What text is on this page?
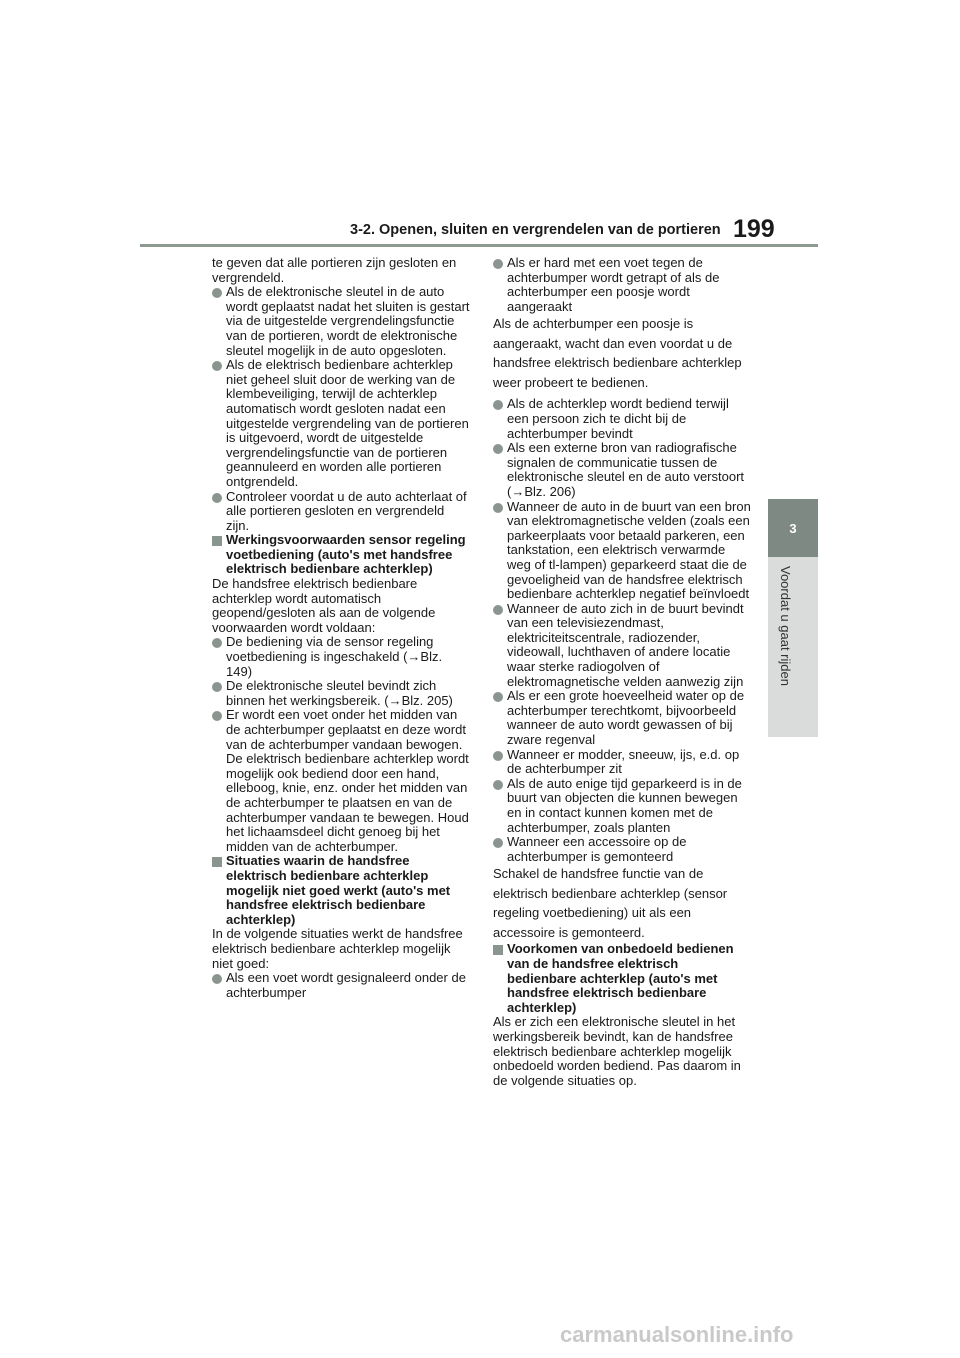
3-2. Openen, sluiten en vergrendelen van de portieren 199
3
Voordat u gaat rijden

te geven dat alle portieren zijn gesloten en vergrendeld.

Als de elektronische sleutel in de auto wordt geplaatst nadat het sluiten is gestart via de uitgestelde vergrendelingsfunctie van de portieren, wordt de elektronische sleutel mogelijk in de auto opgesloten.

Als de elektrisch bedienbare achterklep niet geheel sluit door de werking van de klembeveiliging, terwijl de achterklep automatisch wordt gesloten nadat een uitgestelde vergrendeling van de portieren is uitgevoerd, wordt de uitgestelde vergrendelingsfunctie van de portieren geannuleerd en worden alle portieren ontgrendeld.

Controleer voordat u de auto achterlaat of alle portieren gesloten en vergrendeld zijn.

Werkingsvoorwaarden sensor regeling voetbediening (auto's met handsfree elektrisch bedienbare achterklep)

De handsfree elektrisch bedienbare achterklep wordt automatisch geopend/gesloten als aan de volgende voorwaarden wordt voldaan:

De bediening via de sensor regeling voetbediening is ingeschakeld (→Blz. 149)

De elektronische sleutel bevindt zich binnen het werkingsbereik. (→Blz. 205)

Er wordt een voet onder het midden van de achterbumper geplaatst en deze wordt van de achterbumper vandaan bewogen.
De elektrisch bedienbare achterklep wordt mogelijk ook bediend door een hand, elleboog, knie, enz. onder het midden van de achterbumper te plaatsen en van de achterbumper vandaan te bewegen. Houd het lichaamsdeel dicht genoeg bij het midden van de achterbumper.

Situaties waarin de handsfree elektrisch bedienbare achterklep mogelijk niet goed werkt (auto's met handsfree elektrisch bedienbare achterklep)

In de volgende situaties werkt de handsfree elektrisch bedienbare achterklep mogelijk niet goed:

Als een voet wordt gesignaleerd onder de achterbumper

Als er hard met een voet tegen de achterbumper wordt getrapt of als de achterbumper een poosje wordt aangeraakt

Als de achterbumper een poosje is aangeraakt, wacht dan even voordat u de handsfree elektrisch bedienbare achterklep weer probeert te bedienen.

Als de achterklep wordt bediend terwijl een persoon zich te dicht bij de achterbumper bevindt

Als een externe bron van radiografische signalen de communicatie tussen de elektronische sleutel en de auto verstoort (→Blz. 206)

Wanneer de auto in de buurt van een bron van elektromagnetische velden (zoals een parkeerplaats voor betaald parkeren, een tankstation, een elektrisch verwarmde weg of tl-lampen) geparkeerd staat die de gevoeligheid van de handsfree elektrisch bedienbare achterklep negatief beïnvloedt

Wanneer de auto zich in de buurt bevindt van een televisiezendmast, elektriciteitscentrale, radiozender, videowall, luchthaven of andere locatie waar sterke radiogolven of elektromagnetische velden aanwezig zijn

Als er een grote hoeveelheid water op de achterbumper terechtkomt, bijvoorbeeld wanneer de auto wordt gewassen of bij zware regenval

Wanneer er modder, sneeuw, ijs, e.d. op de achterbumper zit

Als de auto enige tijd geparkeerd is in de buurt van objecten die kunnen bewegen en in contact kunnen komen met de achterbumper, zoals planten

Wanneer een accessoire op de achterbumper is gemonteerd

Schakel de handsfree functie van de elektrisch bedienbare achterklep (sensor regeling voetbediening) uit als een accessoire is gemonteerd.

Voorkomen van onbedoeld bedienen van de handsfree elektrisch bedienbare achterklep (auto's met handsfree elektrisch bedienbare achterklep)

Als er zich een elektronische sleutel in het werkingsbereik bevindt, kan de handsfree elektrisch bedienbare achterklep mogelijk onbedoeld worden bediend. Pas daarom in de volgende situaties op.

carmanualsonline.info
